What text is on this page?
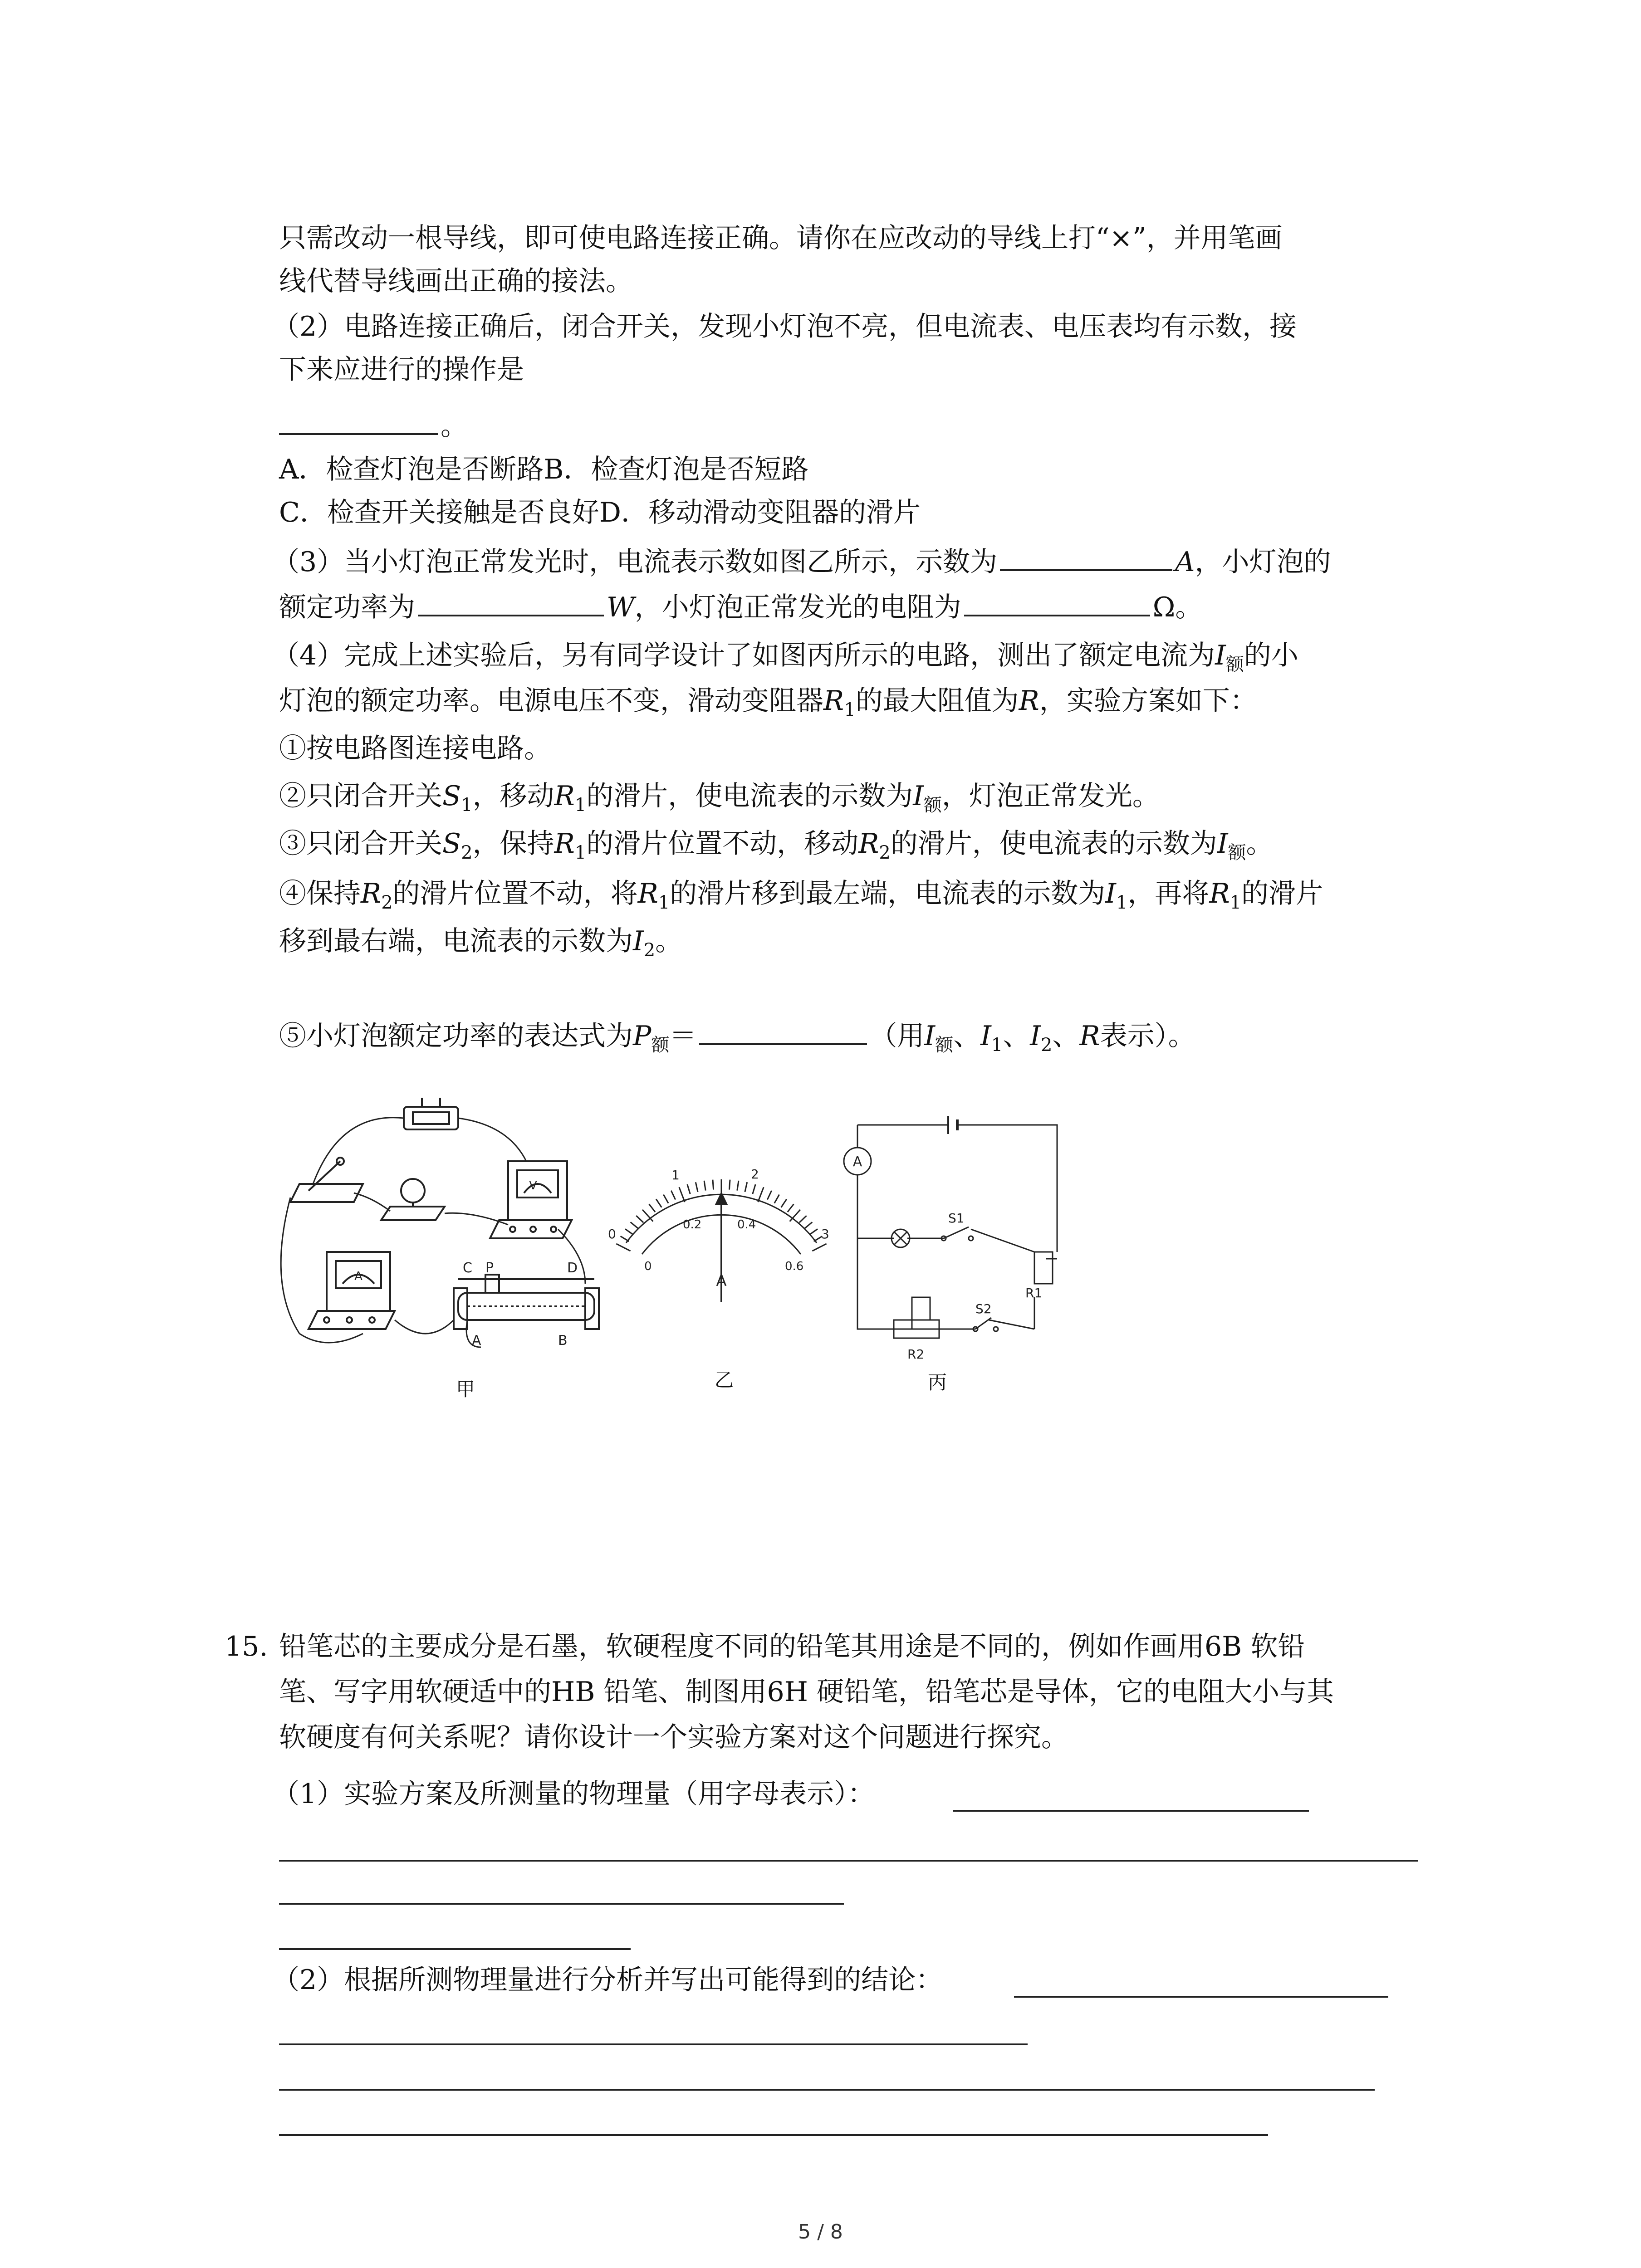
只需改动一根导线，即可使电路连接正确。请你在应改动的导线上打“×”，并用笔画
线代替导线画出正确的接法。
（2）电路连接正确后，闭合开关，发现小灯泡不亮，但电流表、电压表均有示数，接
下来应进行的操作是
。
A．检查灯泡是否断路B．检查灯泡是否短路
C．检查开关接触是否良好D．移动滑动变阻器的滑片
（3）当小灯泡正常发光时，电流表示数如图乙所示，示数为	A，小灯泡的
额定功率为	W，小灯泡正常发光的电阻为	Ω。
（4）完成上述实验后，另有同学设计了如图丙所示的电路，测出了额定电流为$I_额$的小
灯泡的额定功率。电源电压不变，滑动变阻器$R_1$的最大阻值为R，实验方案如下：
①按电路图连接电路。
②只闭合开关$S_1$，移动$R_1$的滑片，使电流表的示数为$I_额$，灯泡正常发光。
③只闭合开关$S_2$，保持$R_1$的滑片位置不动，移动$R_2$的滑片，使电流表的示数为$I_额$。
④保持$R_2$的滑片位置不动，将$R_1$的滑片移到最左端，电流表的示数为$I_1$，再将$R_1$的滑片
移到最右端，电流表的示数为$I_2$。
⑤小灯泡额定功率的表达式为$P_额=$	（用$I_额$、$I_1$、$I_2$、R表示）。
V
A
C P	D
A	B
甲
0
1	2
3
0
0.2	0.4
0.6
A
乙
A
S1
R1
R2
S2
丙
15. 铅笔芯的主要成分是石墨，软硬程度不同的铅笔其用途是不同的，例如作画用6B 软铅
笔、写字用软硬适中的HB 铅笔、制图用6H 硬铅笔，铅笔芯是导体，它的电阻大小与其
软硬度有何关系呢？请你设计一个实验方案对这个问题进行探究。
（1）实验方案及所测量的物理量（用字母表示）：
（2）根据所测物理量进行分析并写出可能得到的结论：
5 / 8
